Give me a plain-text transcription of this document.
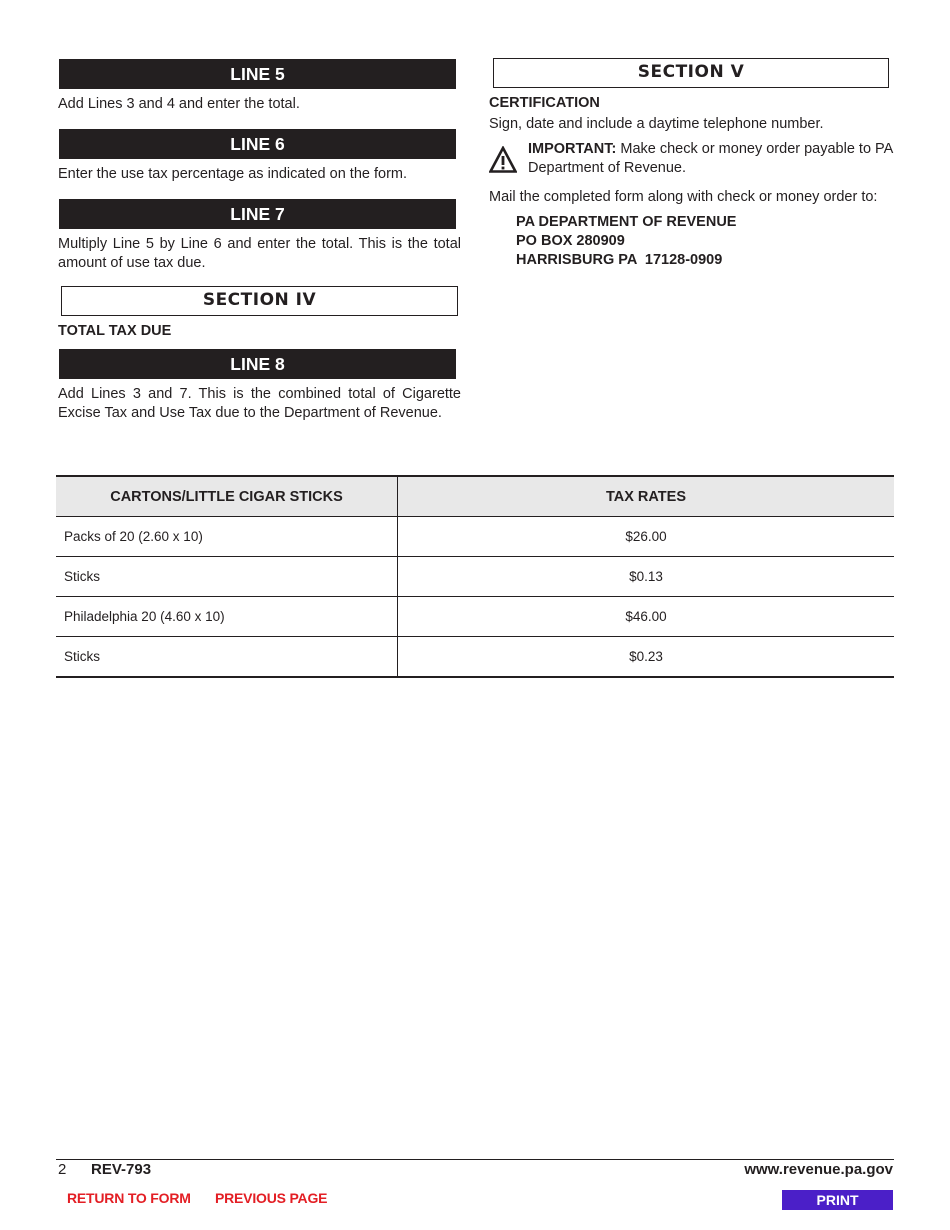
LINE 5

Add Lines 3 and 4 and enter the total.

LINE 6

Enter the use tax percentage as indicated on the form.

LINE 7

Multiply Line 5 by Line 6 and enter the total. This is the total amount of use tax due.

SECTION IV

TOTAL TAX DUE

LINE 8

Add Lines 3 and 7. This is the combined total of Cigarette Excise Tax and Use Tax due to the Department of Revenue.

SECTION V

CERTIFICATION

Sign, date and include a daytime telephone number.

IMPORTANT: Make check or money order payable to PA Department of Revenue.

Mail the completed form along with check or money order to:

PA DEPARTMENT OF REVENUE
PO BOX 280909
HARRISBURG PA  17128-0909
CARTONS/LITTLE CIGAR STICKS	TAX RATES
Packs of 20 (2.60 x 10)	$26.00
Sticks	$0.13
Philadelphia 20 (4.60 x 10)	$46.00
Sticks	$0.23
2 REV-793	www.revenue.pa.gov
RETURN TO FORM PREVIOUS PAGE	PRINT
